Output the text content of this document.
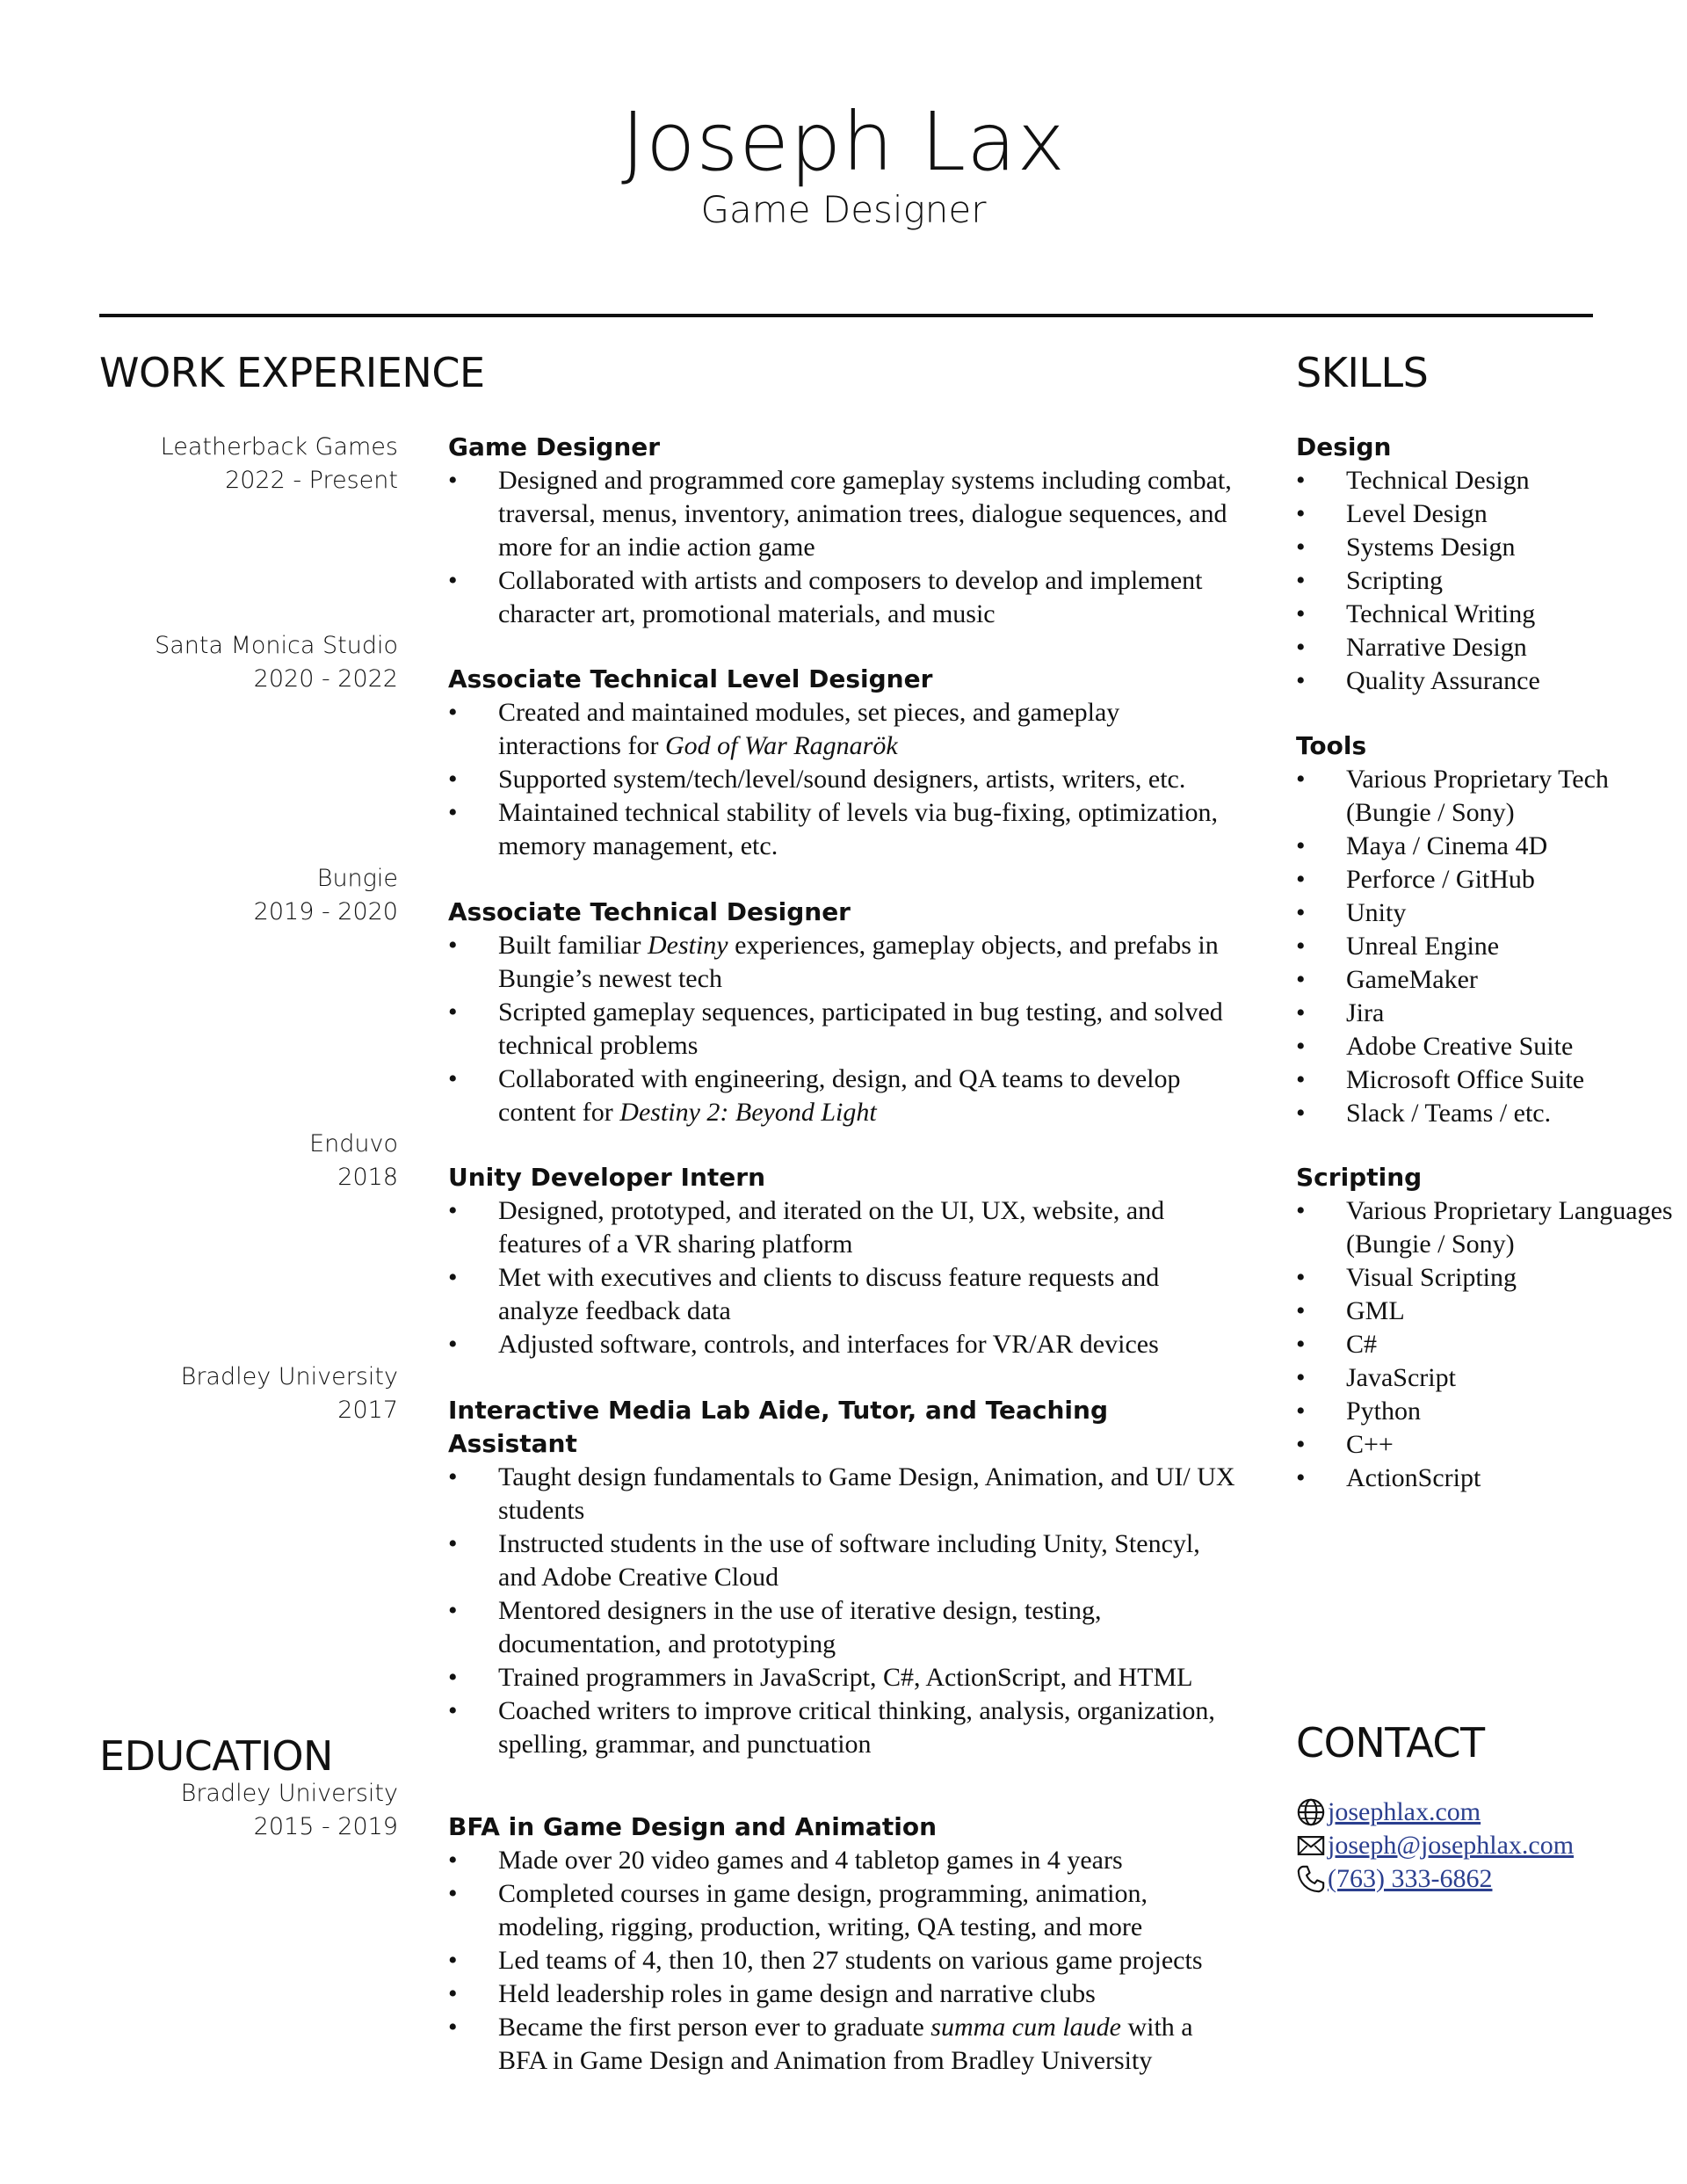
Joseph Lax
Game Designer
WORK EXPERIENCE	SKILLS
Leatherback Games
2022 - Present
Santa Monica Studio
2020 - 2022
Bungie
2019 - 2020
Enduvo
2018
Bradley University
2017
Game Designer
• Designed and programmed core gameplay systems including combat, traversal, menus, inventory, animation trees, dialogue sequences, and more for an indie action game
• Collaborated with artists and composers to develop and implement character art, promotional materials, and music
Associate Technical Level Designer
• Created and maintained modules, set pieces, and gameplay interactions for God of War Ragnarök
• Supported system/tech/level/sound designers, artists, writers, etc.
• Maintained technical stability of levels via bug-fixing, optimization, memory management, etc.
Associate Technical Designer
• Built familiar Destiny experiences, gameplay objects, and prefabs in Bungie’s newest tech
• Scripted gameplay sequences, participated in bug testing, and solved technical problems
• Collaborated with engineering, design, and QA teams to develop content for Destiny 2: Beyond Light
Unity Developer Intern
• Designed, prototyped, and iterated on the UI, UX, website, and features of a VR sharing platform
• Met with executives and clients to discuss feature requests and analyze feedback data
• Adjusted software, controls, and interfaces for VR/AR devices
Interactive Media Lab Aide, Tutor, and Teaching Assistant
• Taught design fundamentals to Game Design, Animation, and UI/ UX students
• Instructed students in the use of software including Unity, Stencyl, and Adobe Creative Cloud
• Mentored designers in the use of iterative design, testing, documentation, and prototyping
• Trained programmers in JavaScript, C#, ActionScript, and HTML
• Coached writers to improve critical thinking, analysis, organization, spelling, grammar, and punctuation
EDUCATION
Bradley University
2015 - 2019 BFA in Game Design and Animation
• Made over 20 video games and 4 tabletop games in 4 years
• Completed courses in game design, programming, animation, modeling, rigging, production, writing, QA testing, and more
• Led teams of 4, then 10, then 27 students on various game projects
• Held leadership roles in game design and narrative clubs
• Became the first person ever to graduate summa cum laude with a BFA in Game Design and Animation from Bradley University
Design
• Technical Design
• Level Design
• Systems Design
• Scripting
• Technical Writing
• Narrative Design
• Quality Assurance
Tools
• Various Proprietary Tech (Bungie / Sony)
• Maya / Cinema 4D
• Perforce / GitHub
• Unity
• Unreal Engine
• GameMaker
• Jira
• Adobe Creative Suite
• Microsoft Office Suite
• Slack / Teams / etc.
Scripting
• Various Proprietary Languages (Bungie / Sony)
• Visual Scripting
• GML
• C#
• JavaScript
• Python
• C++
• ActionScript
CONTACT
josephlax.com
joseph@josephlax.com
(763) 333-6862
